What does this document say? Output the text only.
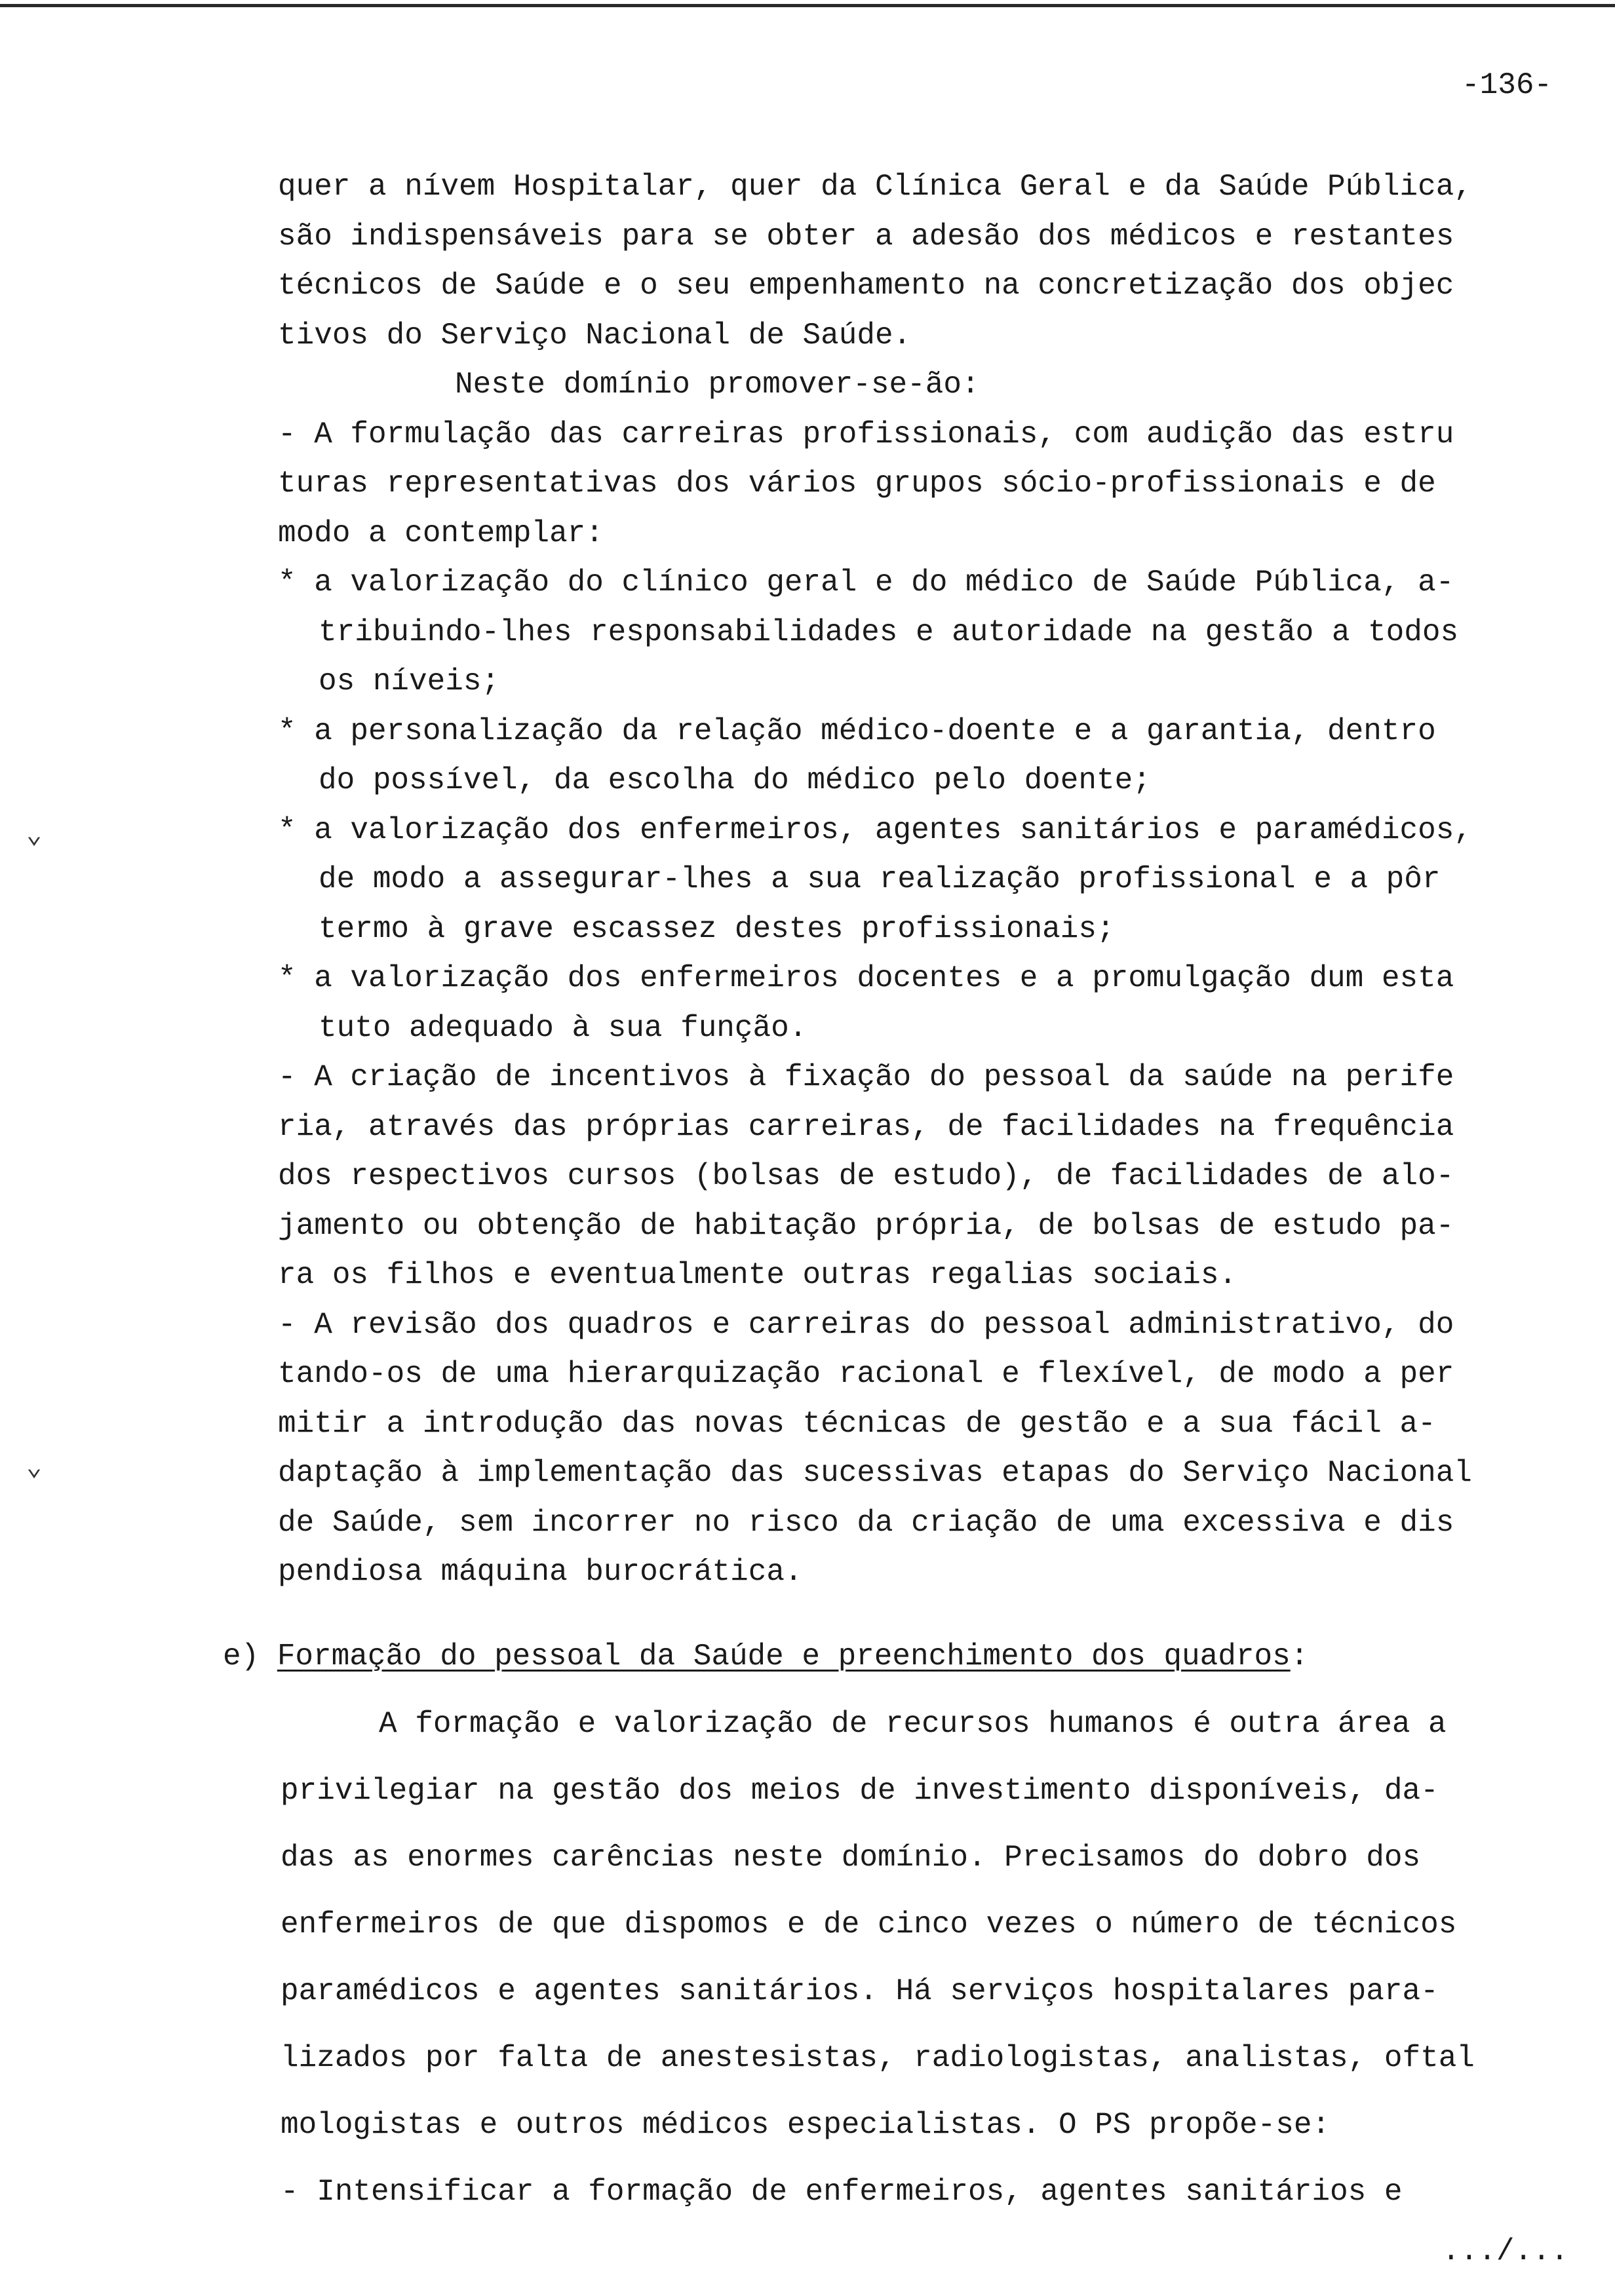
-136-
⌄
⌄
quer a nívem Hospitalar, quer da Clínica Geral e da Saúde Pública,
são indispensáveis para se obter a adesão dos médicos e restantes
técnicos de Saúde e o seu empenhamento na concretização dos objec
tivos do Serviço Nacional de Saúde.
Neste domínio promover-se-ão:
- A formulação das carreiras profissionais, com audição das estru
turas representativas dos vários grupos sócio-profissionais e de
modo a contemplar:
* a valorização do clínico geral e do médico de Saúde Pública, a-
tribuindo-lhes responsabilidades e autoridade na gestão a todos
os níveis;
* a personalização da relação médico-doente e a garantia, dentro
do possível, da escolha do médico pelo doente;
* a valorização dos enfermeiros, agentes sanitários e paramédicos,
de modo a assegurar-lhes a sua realização profissional e a pôr
termo à grave escassez destes profissionais;
* a valorização dos enfermeiros docentes e a promulgação dum esta
tuto adequado à sua função.
- A criação de incentivos à fixação do pessoal da saúde na perife
ria, através das próprias carreiras, de facilidades na frequência
dos respectivos cursos (bolsas de estudo), de facilidades de alo-
jamento ou obtenção de habitação própria, de bolsas de estudo pa-
ra os filhos e eventualmente outras regalias sociais.
- A revisão dos quadros e carreiras do pessoal administrativo, do
tando-os de uma hierarquização racional e flexível, de modo a per
mitir a introdução das novas técnicas de gestão e a sua fácil a-
daptação à implementação das sucessivas etapas do Serviço Nacional
de Saúde, sem incorrer no risco da criação de uma excessiva e dis
pendiosa máquina burocrática.
e) Formação do pessoal da Saúde e preenchimento dos quadros:
A formação e valorização de recursos humanos é outra área a
privilegiar na gestão dos meios de investimento disponíveis, da-
das as enormes carências neste domínio. Precisamos do dobro dos
enfermeiros de que dispomos e de cinco vezes o número de técnicos
paramédicos e agentes sanitários. Há serviços hospitalares para-
lizados por falta de anestesistas, radiologistas, analistas, oftal
mologistas e outros médicos especialistas. O PS propõe-se:
- Intensificar a formação de enfermeiros, agentes sanitários e
.../...
